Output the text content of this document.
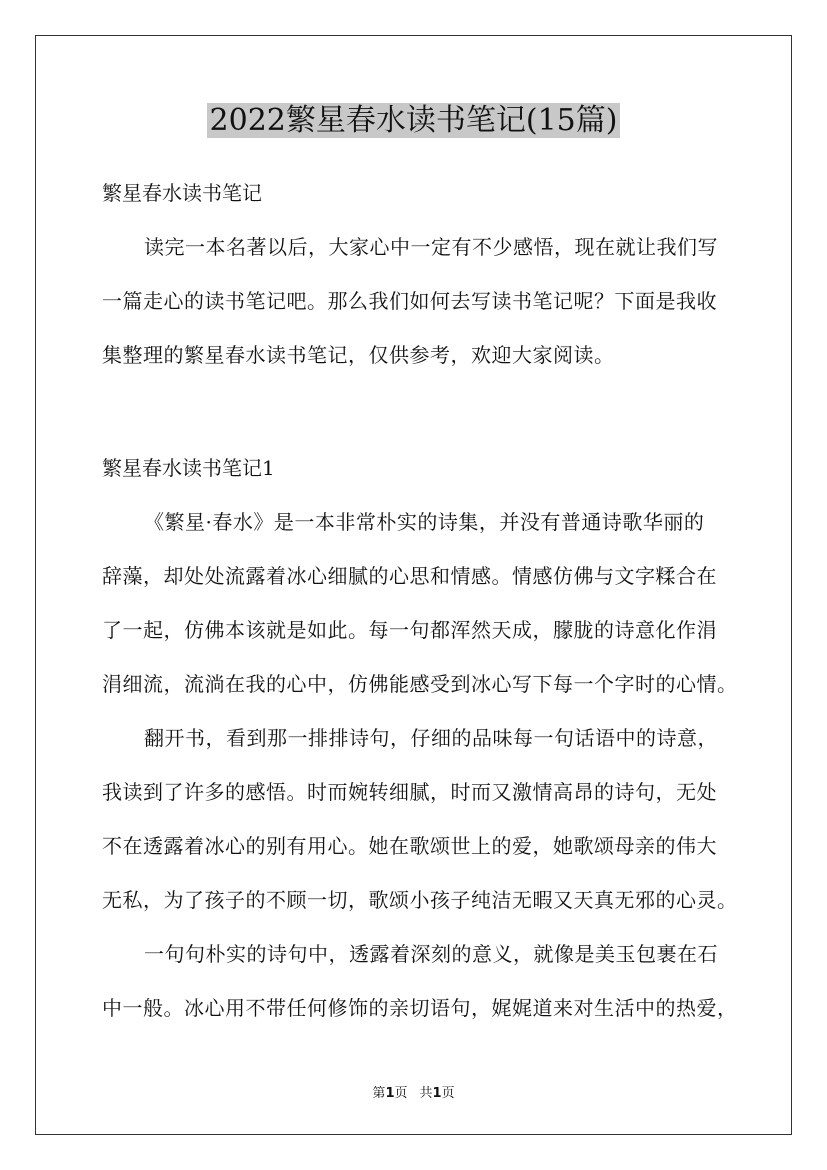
2022繁星春水读书笔记(15篇)
繁星春水读书笔记
读完一本名著以后，大家心中一定有不少感悟，现在就让我们写
一篇走心的读书笔记吧。那么我们如何去写读书笔记呢？下面是我收
集整理的繁星春水读书笔记，仅供参考，欢迎大家阅读。
繁星春水读书笔记1
《繁星·春水》是一本非常朴实的诗集，并没有普通诗歌华丽的
辞藻，却处处流露着冰心细腻的心思和情感。情感仿佛与文字糅合在
了一起，仿佛本该就是如此。每一句都浑然天成，朦胧的诗意化作涓
涓细流，流淌在我的心中，仿佛能感受到冰心写下每一个字时的心情。
翻开书，看到那一排排诗句，仔细的品味每一句话语中的诗意，
我读到了许多的感悟。时而婉转细腻，时而又激情高昂的诗句，无处
不在透露着冰心的别有用心。她在歌颂世上的爱，她歌颂母亲的伟大
无私，为了孩子的不顾一切，歌颂小孩子纯洁无暇又天真无邪的心灵。
一句句朴实的诗句中，透露着深刻的意义，就像是美玉包裹在石
中一般。冰心用不带任何修饰的亲切语句，娓娓道来对生活中的热爱，
第1页 共1页
